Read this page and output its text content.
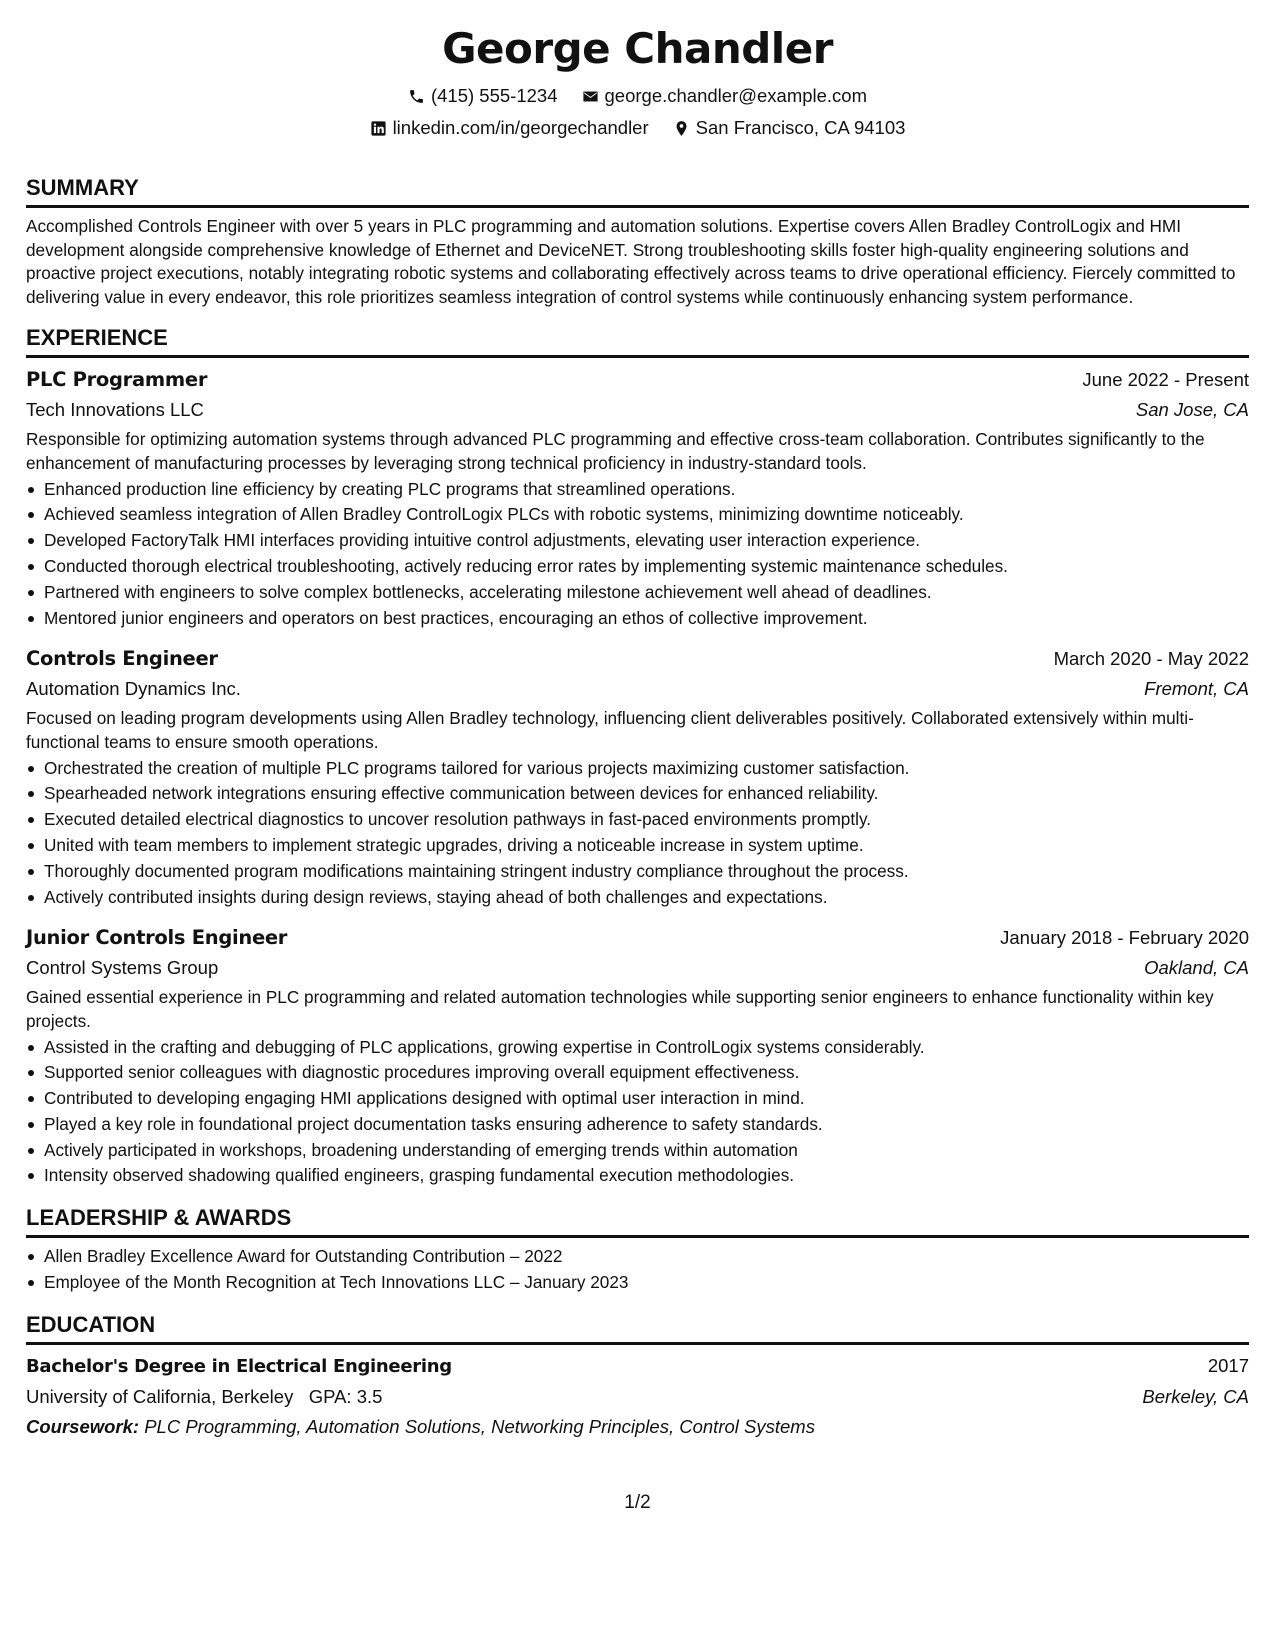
George Chandler
(415) 555-1234	george.chandler@example.com
linkedin.com/in/georgechandler	San Francisco, CA 94103
SUMMARY

Accomplished Controls Engineer with over 5 years in PLC programming and automation solutions. Expertise covers Allen Bradley ControlLogix and HMI development alongside comprehensive knowledge of Ethernet and DeviceNET. Strong troubleshooting skills foster high-quality engineering solutions and proactive project executions, notably integrating robotic systems and collaborating effectively across teams to drive operational efficiency. Fiercely committed to delivering value in every endeavor, this role prioritizes seamless integration of control systems while continuously enhancing system performance.

EXPERIENCE
PLC Programmer	June 2022 - Present
Tech Innovations LLC	San Jose, CA

Responsible for optimizing automation systems through advanced PLC programming and effective cross-team collaboration. Contributes significantly to the enhancement of manufacturing processes by leveraging strong technical proficiency in industry-standard tools.

Enhanced production line efficiency by creating PLC programs that streamlined operations.
Achieved seamless integration of Allen Bradley ControlLogix PLCs with robotic systems, minimizing downtime noticeably.
Developed FactoryTalk HMI interfaces providing intuitive control adjustments, elevating user interaction experience.
Conducted thorough electrical troubleshooting, actively reducing error rates by implementing systemic maintenance schedules.
Partnered with engineers to solve complex bottlenecks, accelerating milestone achievement well ahead of deadlines.
Mentored junior engineers and operators on best practices, encouraging an ethos of collective improvement.
Controls Engineer	March 2020 - May 2022
Automation Dynamics Inc.	Fremont, CA

Focused on leading program developments using Allen Bradley technology, influencing client deliverables positively. Collaborated extensively within multi-functional teams to ensure smooth operations.

Orchestrated the creation of multiple PLC programs tailored for various projects maximizing customer satisfaction.
Spearheaded network integrations ensuring effective communication between devices for enhanced reliability.
Executed detailed electrical diagnostics to uncover resolution pathways in fast-paced environments promptly.
United with team members to implement strategic upgrades, driving a noticeable increase in system uptime.
Thoroughly documented program modifications maintaining stringent industry compliance throughout the process.
Actively contributed insights during design reviews, staying ahead of both challenges and expectations.
Junior Controls Engineer	January 2018 - February 2020
Control Systems Group	Oakland, CA

Gained essential experience in PLC programming and related automation technologies while supporting senior engineers to enhance functionality within key projects.

Assisted in the crafting and debugging of PLC applications, growing expertise in ControlLogix systems considerably.
Supported senior colleagues with diagnostic procedures improving overall equipment effectiveness.
Contributed to developing engaging HMI applications designed with optimal user interaction in mind.
Played a key role in foundational project documentation tasks ensuring adherence to safety standards.
Actively participated in workshops, broadening understanding of emerging trends within automation
Intensity observed shadowing qualified engineers, grasping fundamental execution methodologies.
LEADERSHIP & AWARDS
Allen Bradley Excellence Award for Outstanding Contribution – 2022
Employee of the Month Recognition at Tech Innovations LLC – January 2023
EDUCATION
Bachelor's Degree in Electrical Engineering	2017
University of California, Berkeley   GPA: 3.5	Berkeley, CA
Coursework: PLC Programming, Automation Solutions, Networking Principles, Control Systems
1/2
